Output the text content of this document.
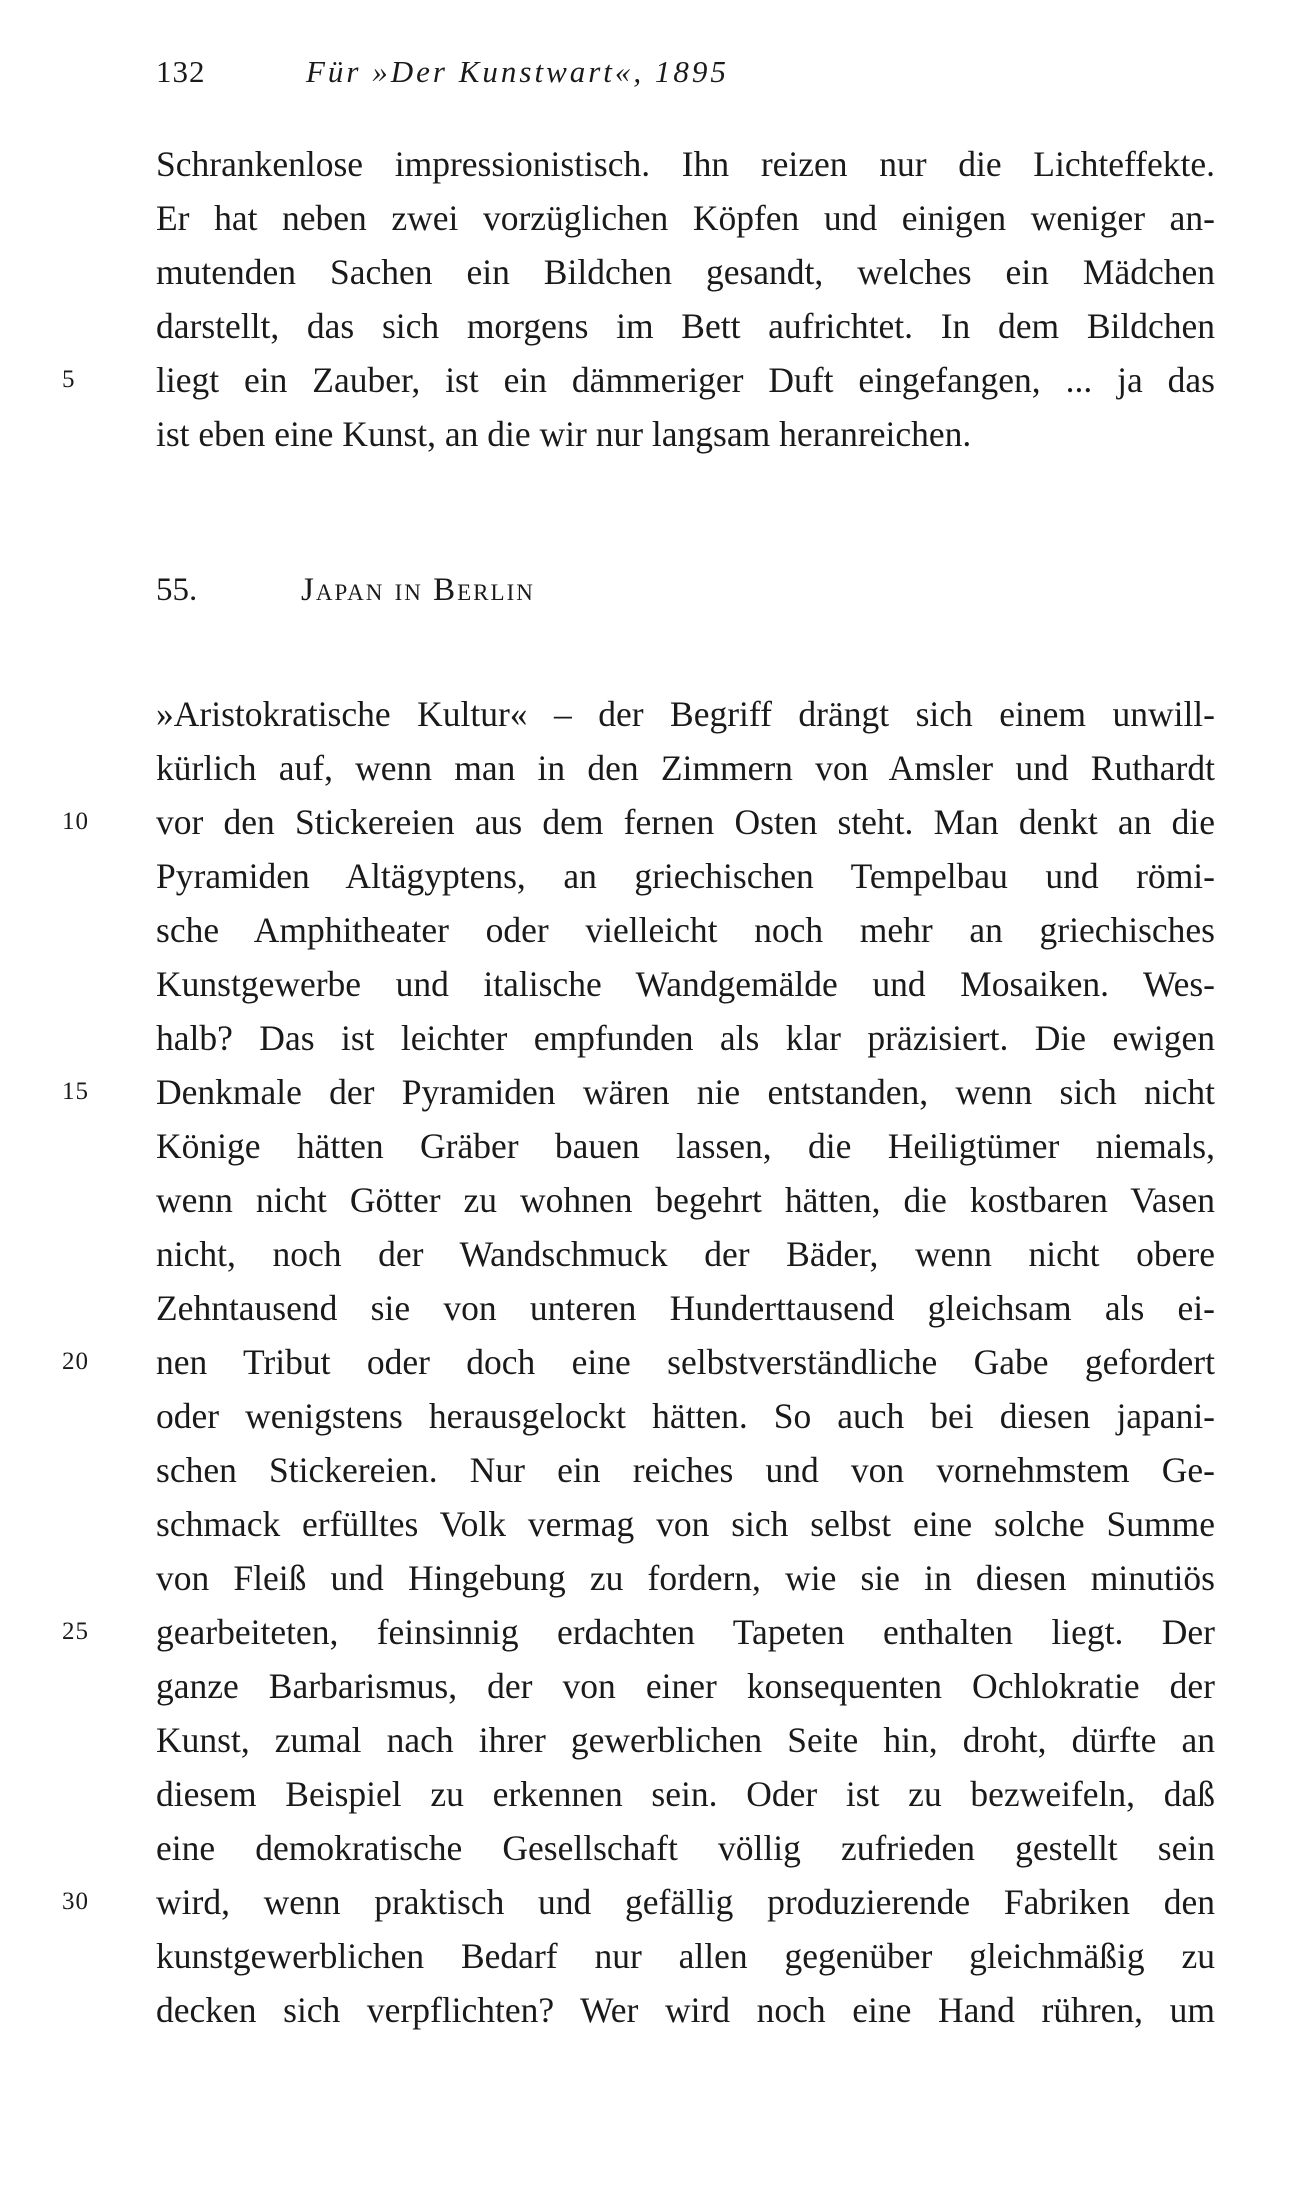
132	Für »Der Kunstwart«, 1895
Schrankenlose impressionistisch. Ihn reizen nur die Lichteffekte.
Er hat neben zwei vorzüglichen Köpfen und einigen weniger an-
mutenden Sachen ein Bildchen gesandt, welches ein Mädchen
darstellt, das sich morgens im Bett aufrichtet. In dem Bildchen
5	liegt ein Zauber, ist ein dämmeriger Duft eingefangen, ... ja das
ist eben eine Kunst, an die wir nur langsam heranreichen.
55.	Japan in Berlin
»Aristokratische Kultur« – der Begriff drängt sich einem unwill-
kürlich auf, wenn man in den Zimmern von Amsler und Ruthardt
10	vor den Stickereien aus dem fernen Osten steht. Man denkt an die
Pyramiden Altägyptens, an griechischen Tempelbau und römi-
sche Amphitheater oder vielleicht noch mehr an griechisches
Kunstgewerbe und italische Wandgemälde und Mosaiken. Wes-
halb? Das ist leichter empfunden als klar präzisiert. Die ewigen
15	Denkmale der Pyramiden wären nie entstanden, wenn sich nicht
Könige hätten Gräber bauen lassen, die Heiligtümer niemals,
wenn nicht Götter zu wohnen begehrt hätten, die kostbaren Vasen
nicht, noch der Wandschmuck der Bäder, wenn nicht obere
Zehntausend sie von unteren Hunderttausend gleichsam als ei-
20	nen Tribut oder doch eine selbstverständliche Gabe gefordert
oder wenigstens herausgelockt hätten. So auch bei diesen japani-
schen Stickereien. Nur ein reiches und von vornehmstem Ge-
schmack erfülltes Volk vermag von sich selbst eine solche Summe
von Fleiß und Hingebung zu fordern, wie sie in diesen minutiös
25	gearbeiteten, feinsinnig erdachten Tapeten enthalten liegt. Der
ganze Barbarismus, der von einer konsequenten Ochlokratie der
Kunst, zumal nach ihrer gewerblichen Seite hin, droht, dürfte an
diesem Beispiel zu erkennen sein. Oder ist zu bezweifeln, daß
eine demokratische Gesellschaft völlig zufrieden gestellt sein
30	wird, wenn praktisch und gefällig produzierende Fabriken den
kunstgewerblichen Bedarf nur allen gegenüber gleichmäßig zu
decken sich verpflichten? Wer wird noch eine Hand rühren, um
